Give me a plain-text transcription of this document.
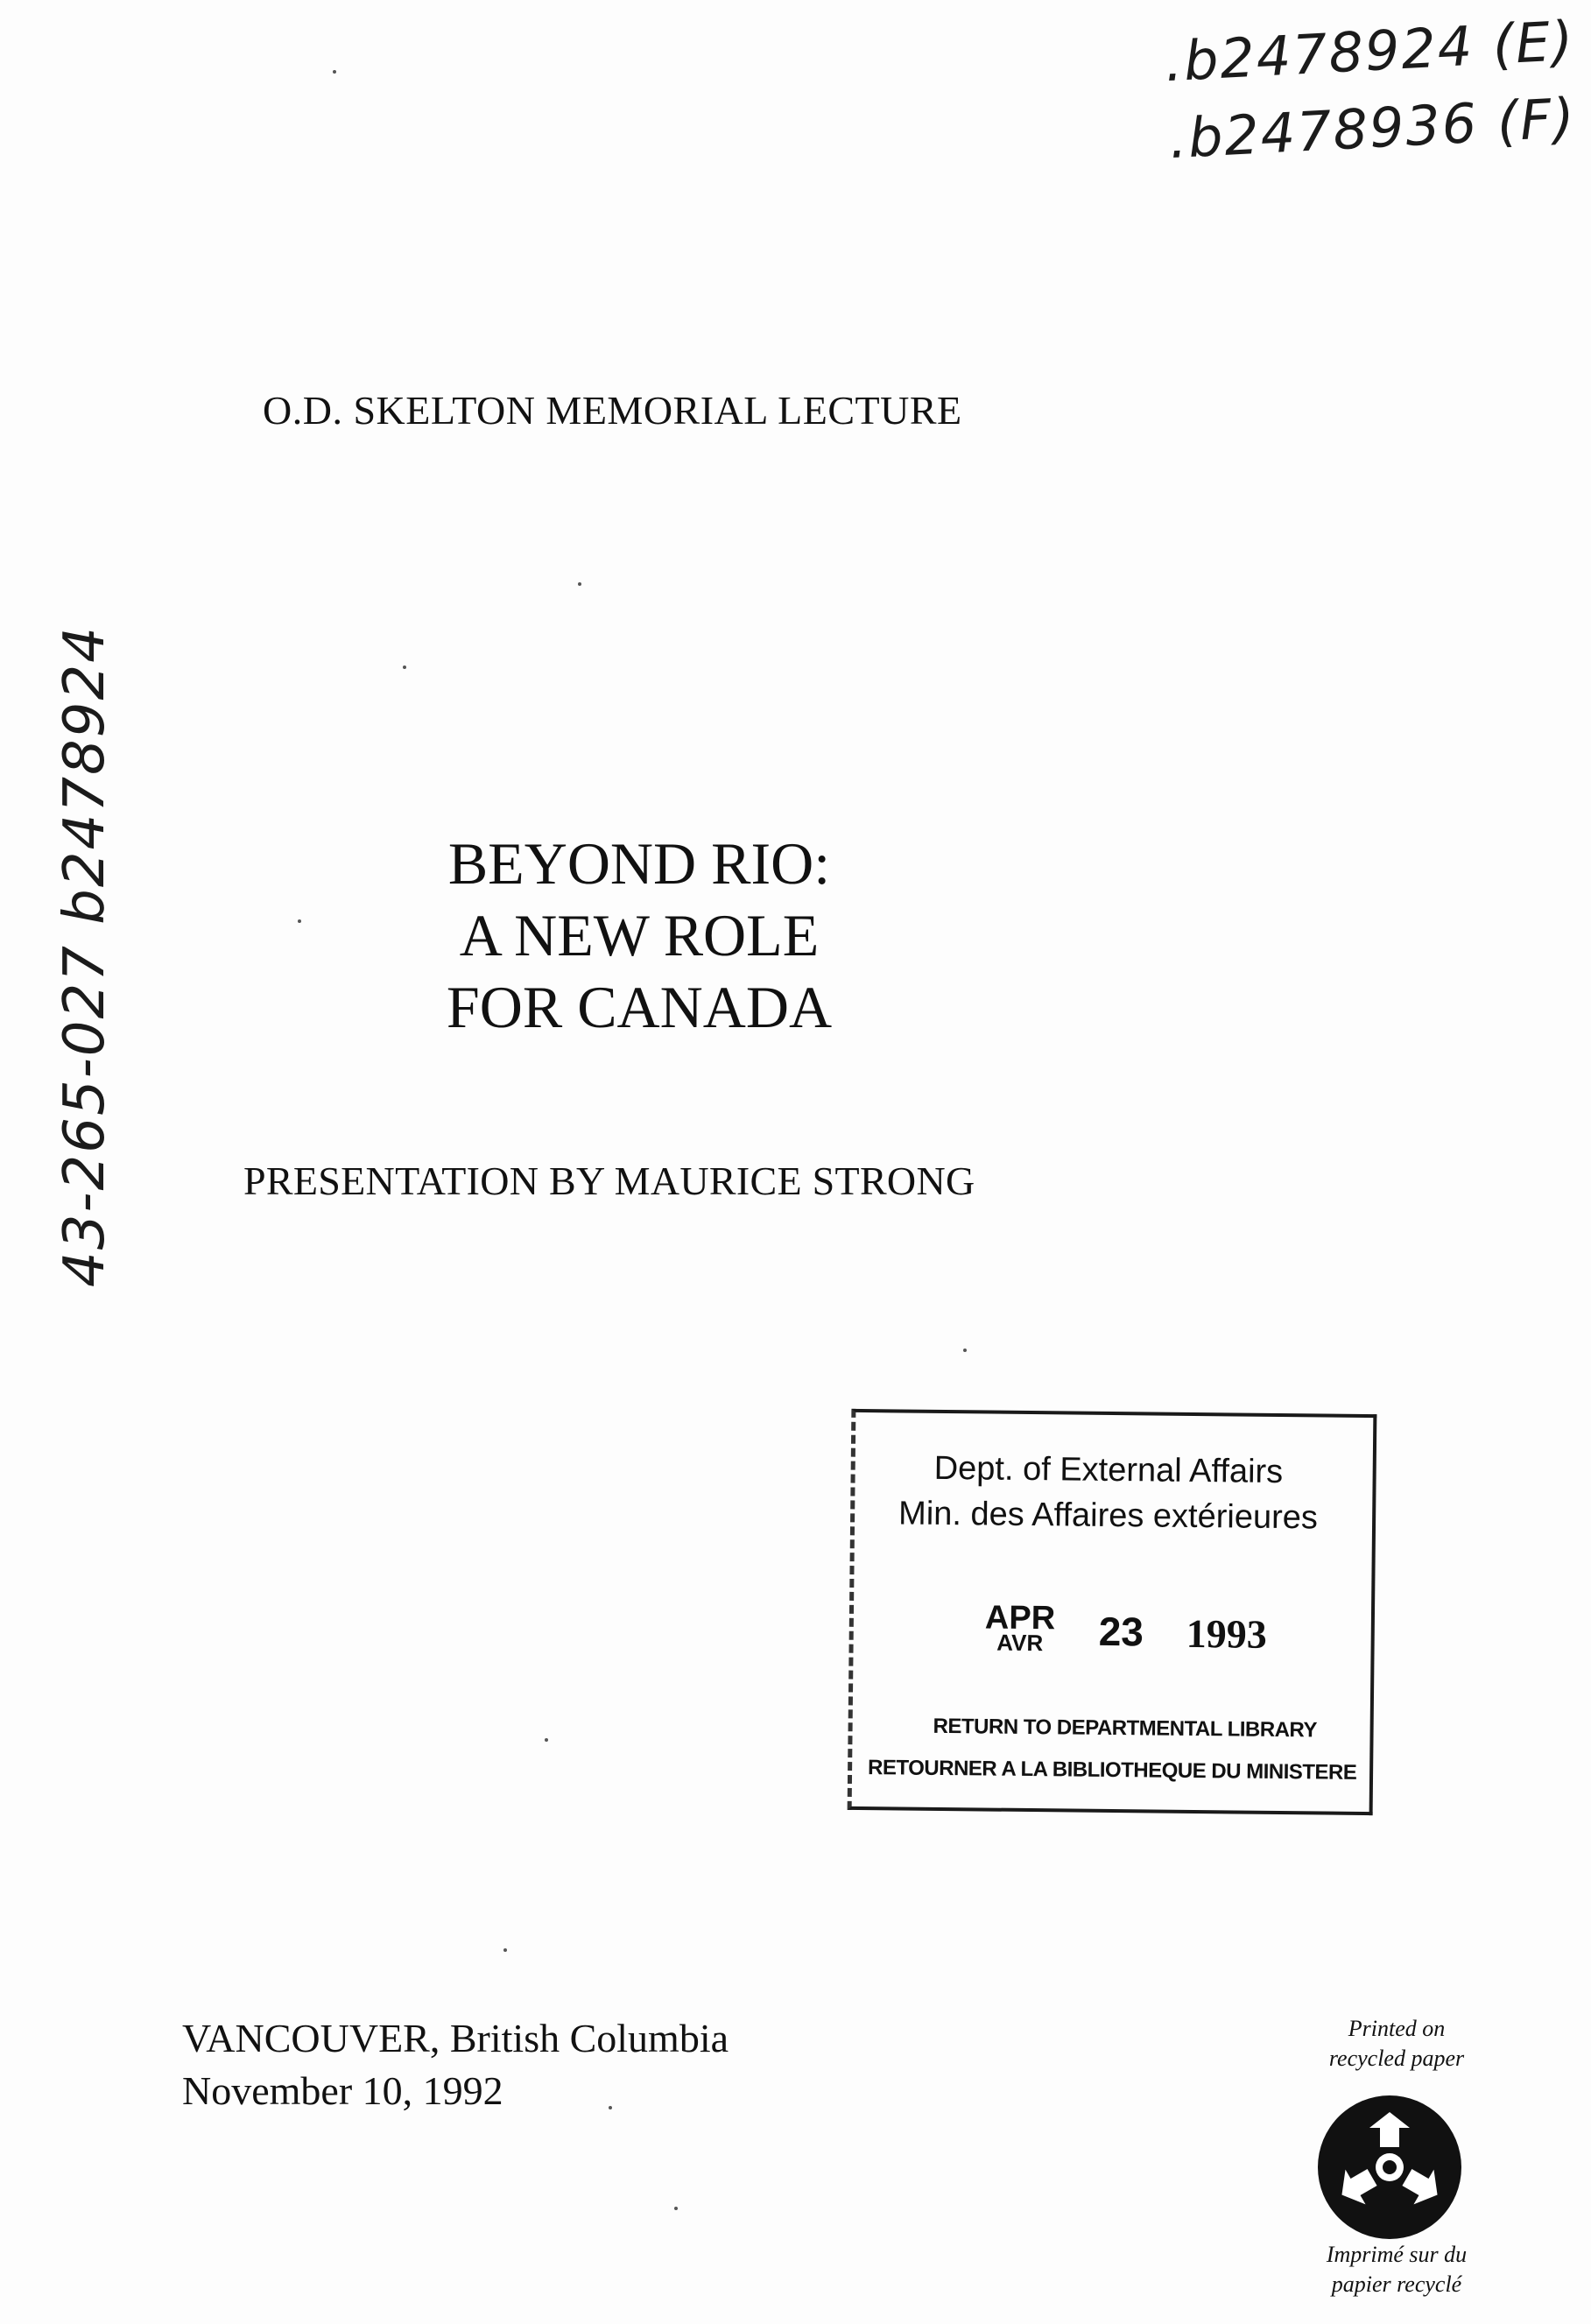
.b2478924 (E)
.b2478936 (F)
43-265-027 b2478924
O.D. SKELTON MEMORIAL LECTURE
BEYOND RIO:
A NEW ROLE
FOR CANADA
PRESENTATION BY MAURICE STRONG
Dept. of External Affairs
Min. des Affaires extérieures
APR
AVR 23 1993
RETURN TO DEPARTMENTAL LIBRARY
RETOURNER A LA BIBLIOTHEQUE DU MINISTERE
VANCOUVER, British Columbia
November 10, 1992
Printed on
recycled paper
Imprimé sur du
papier recyclé
